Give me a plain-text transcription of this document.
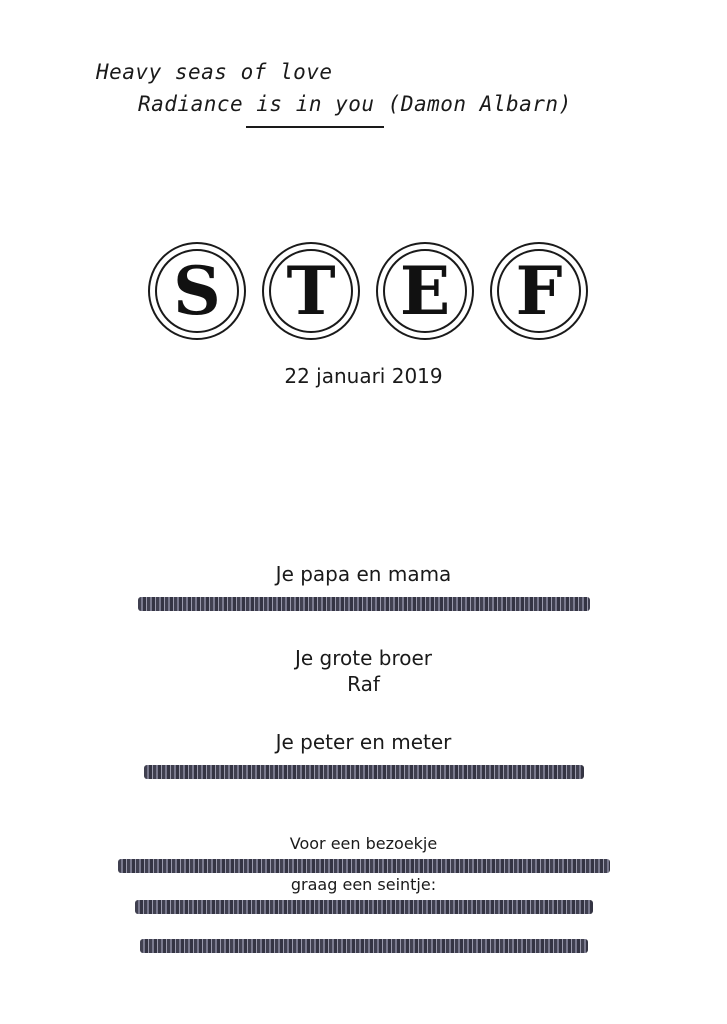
Heavy seas of love
Radiance is in you (Damon Albarn)
S T E F
22 januari 2019
Je papa en mama
Je grote broer
Raf
Je peter en meter
Voor een bezoekje
graag een seintje:
